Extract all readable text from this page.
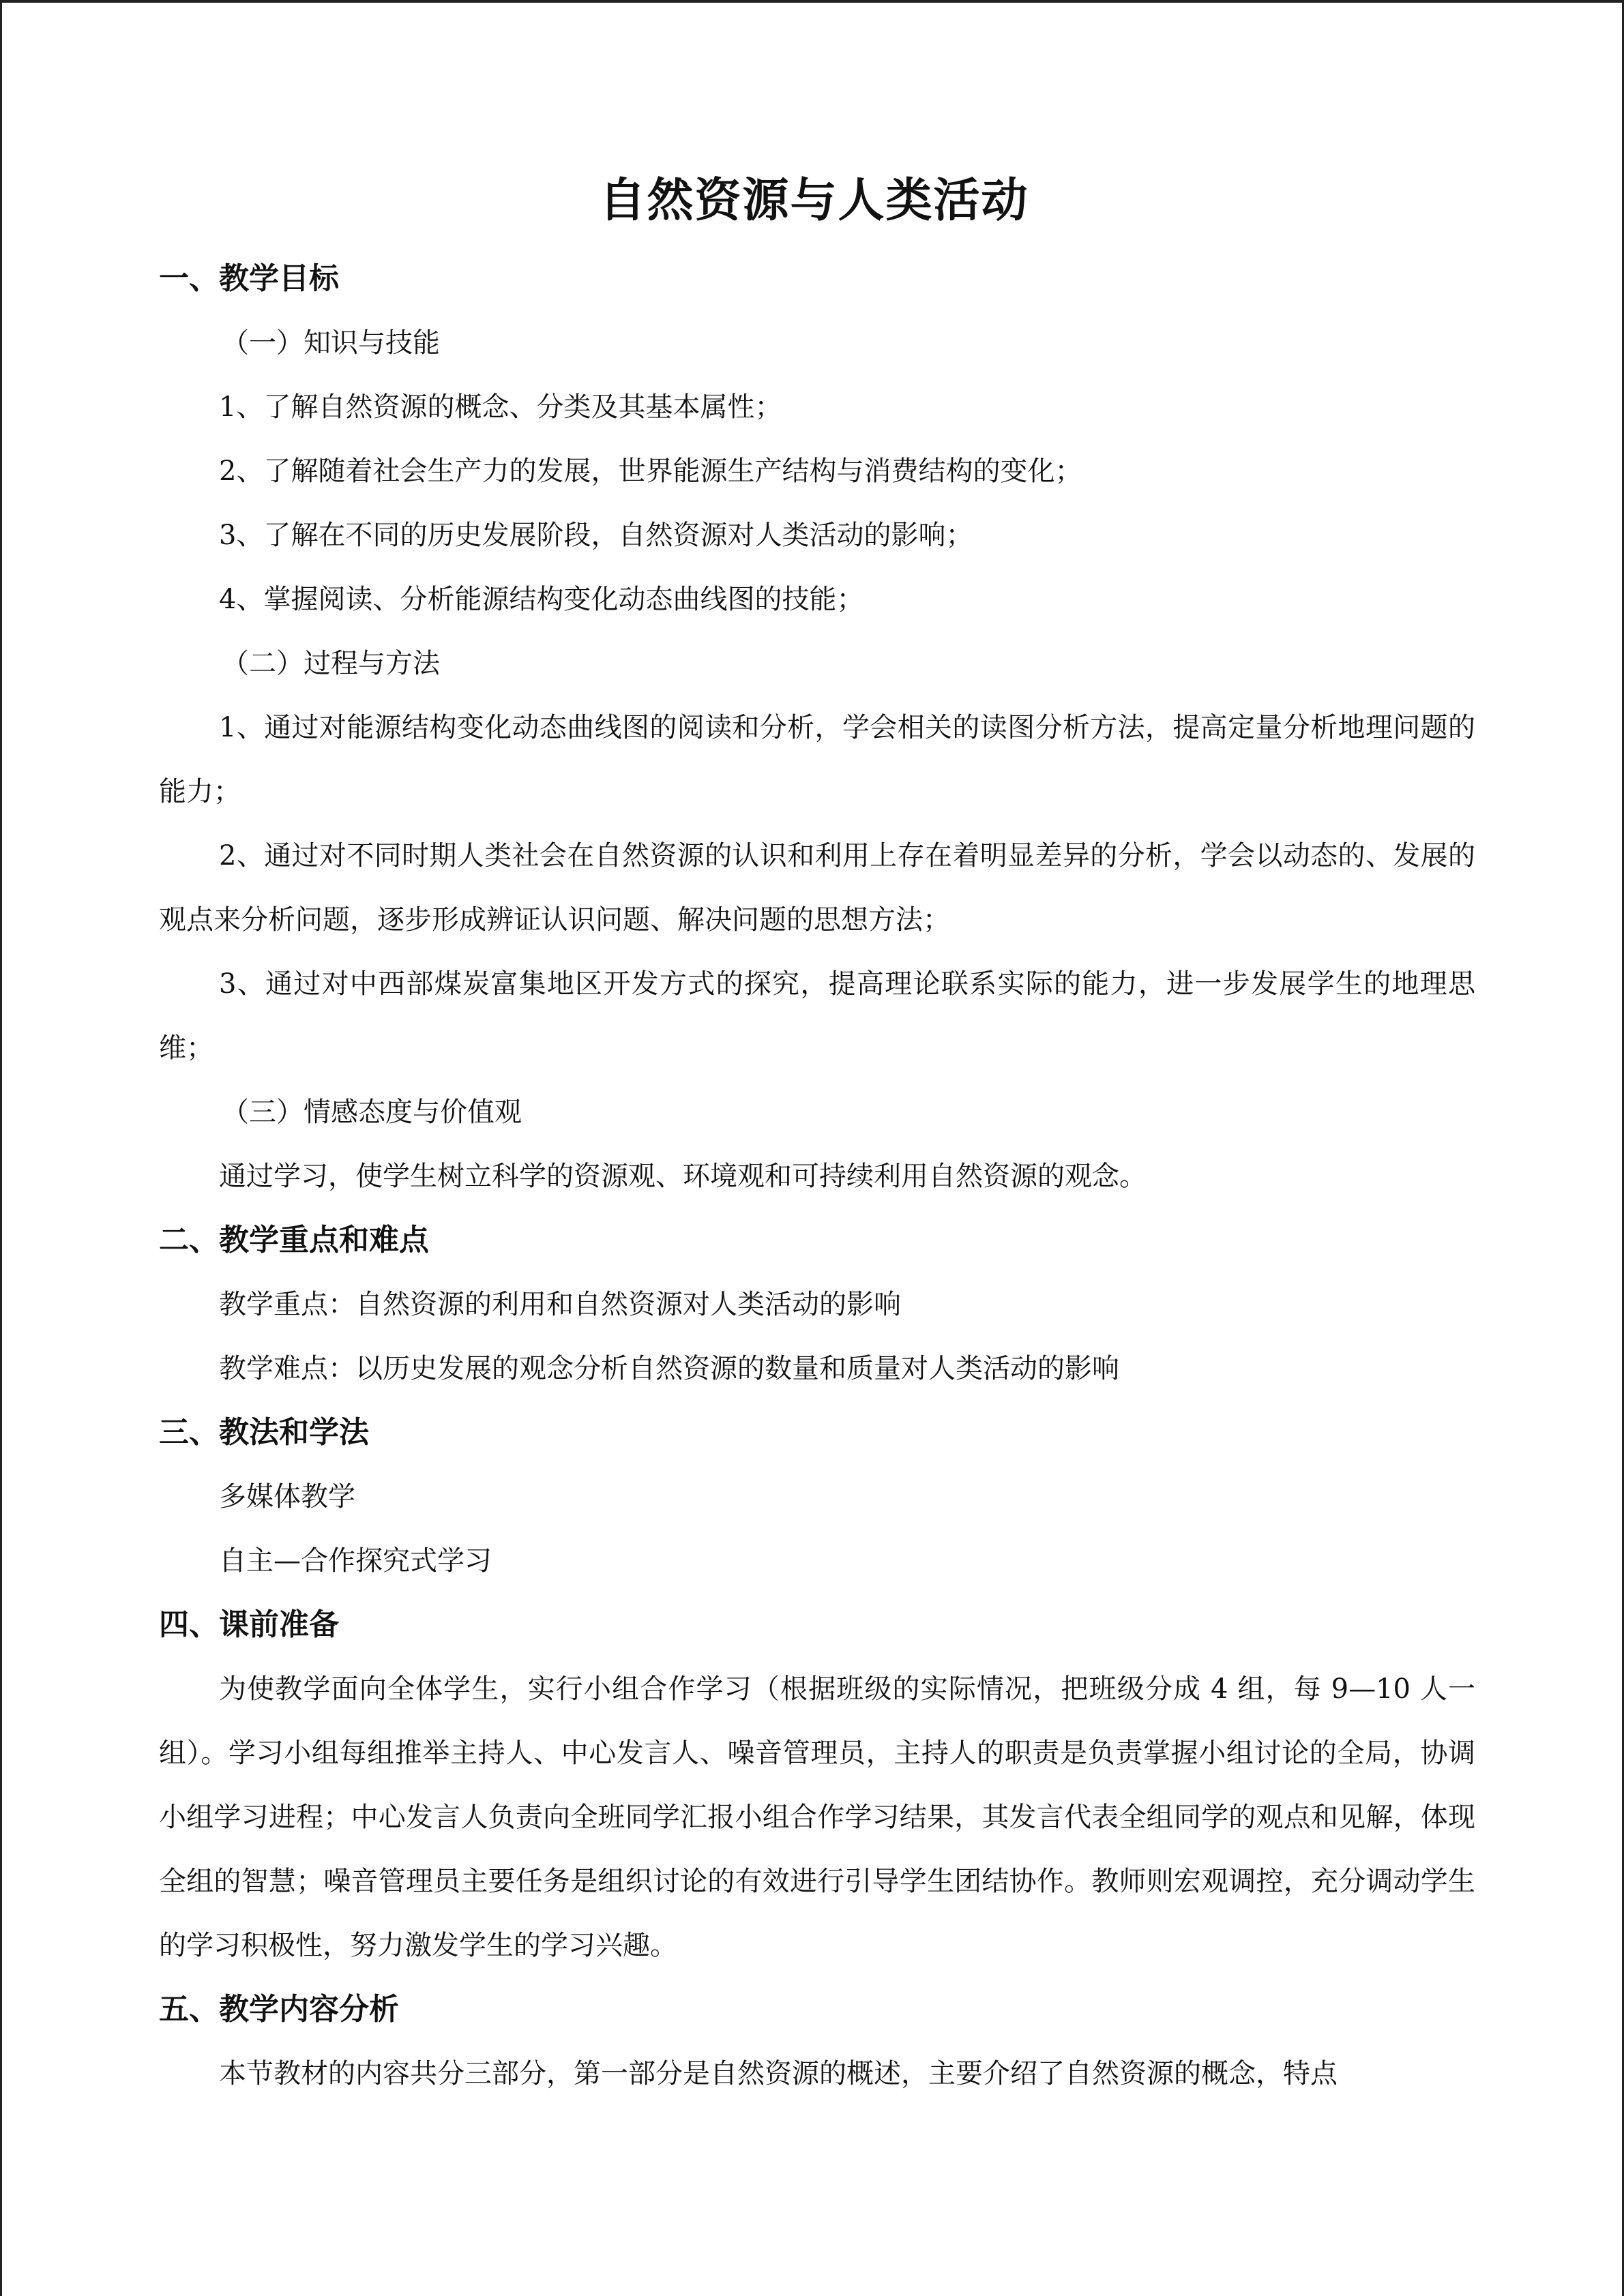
自然资源与人类活动
一、教学目标
（一）知识与技能
1、了解自然资源的概念、分类及其基本属性；
2、了解随着社会生产力的发展，世界能源生产结构与消费结构的变化；
3、了解在不同的历史发展阶段，自然资源对人类活动的影响；
4、掌握阅读、分析能源结构变化动态曲线图的技能；
（二）过程与方法
1、通过对能源结构变化动态曲线图的阅读和分析，学会相关的读图分析方法，提高定量分析地理问题的能力；
2、通过对不同时期人类社会在自然资源的认识和利用上存在着明显差异的分析，学会以动态的、发展的观点来分析问题，逐步形成辨证认识问题、解决问题的思想方法；
3、通过对中西部煤炭富集地区开发方式的探究，提高理论联系实际的能力，进一步发展学生的地理思维；
（三）情感态度与价值观
通过学习，使学生树立科学的资源观、环境观和可持续利用自然资源的观念。
二、教学重点和难点
教学重点：自然资源的利用和自然资源对人类活动的影响
教学难点：以历史发展的观念分析自然资源的数量和质量对人类活动的影响
三、教法和学法
多媒体教学
自主—合作探究式学习
四、课前准备
为使教学面向全体学生，实行小组合作学习（根据班级的实际情况，把班级分成 4 组，每 9—10 人一组）。学习小组每组推举主持人、中心发言人、噪音管理员，主持人的职责是负责掌握小组讨论的全局，协调小组学习进程；中心发言人负责向全班同学汇报小组合作学习结果，其发言代表全组同学的观点和见解，体现全组的智慧；噪音管理员主要任务是组织讨论的有效进行引导学生团结协作。教师则宏观调控，充分调动学生的学习积极性，努力激发学生的学习兴趣。
五、教学内容分析
本节教材的内容共分三部分，第一部分是自然资源的概述，主要介绍了自然资源的概念，特点
